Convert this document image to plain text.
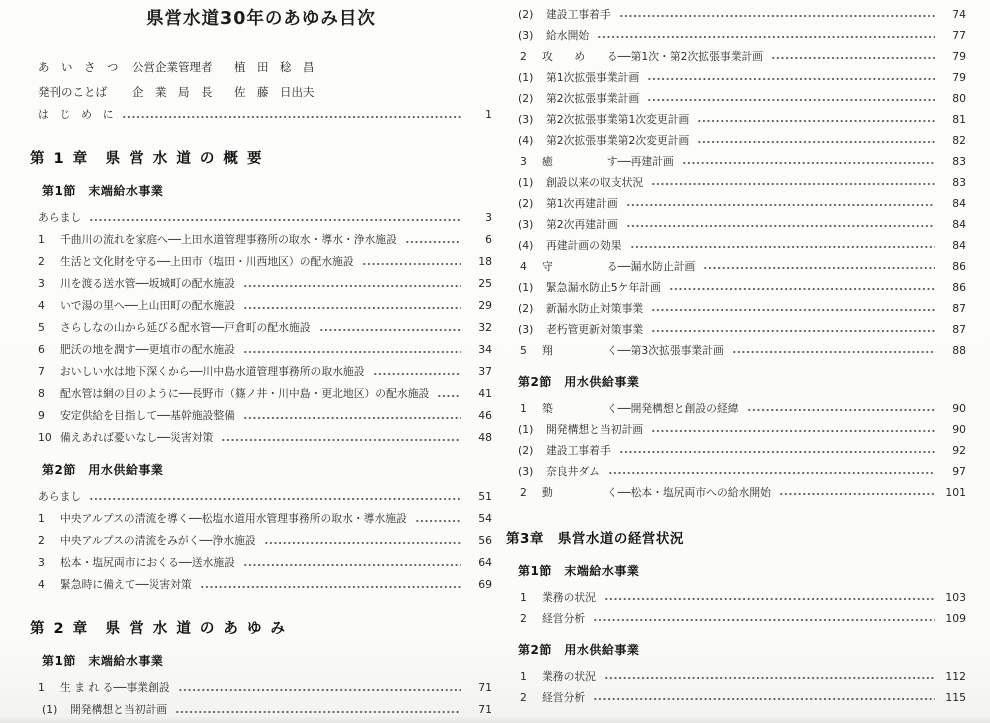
県営水道30年のあゆみ目次
あ　い　さ　つ	公営企業管理者	植　田　稔　昌
発刊のことば	企　業　局　長	佐　藤　日出夫
は　じ　め　に	1
第 1 章　県 営 水 道 の 概 要
第1節　末端給水事業
あらまし	3
1	千曲川の流れを家庭へ──上田水道管理事務所の取水・導水・浄水施設	6
2	生活と文化財を守る──上田市（塩田・川西地区）の配水施設	18
3	川を渡る送水管──坂城町の配水施設	25
4	いで湯の里へ──上山田町の配水施設	29
5	さらしなの山から延びる配水管──戸倉町の配水施設	32
6	肥沃の地を潤す──更埴市の配水施設	34
7	おいしい水は地下深くから──川中島水道管理事務所の取水施設	37
8	配水管は網の目のように──長野市（篠ノ井・川中島・更北地区）の配水施設	41
9	安定供給を目指して──基幹施設整備	46
10 備えあれば憂いなし──災害対策	48
第2節　用水供給事業
あらまし	51
1	中央アルプスの清流を導く──松塩水道用水管理事務所の取水・導水施設	54
2	中央アルプスの清流をみがく──浄水施設	56
3	松本・塩尻両市におくる──送水施設	64
4	緊急時に備えて──災害対策	69
第 2 章　県 営 水 道 の あ ゆ み
第1節　末端給水事業
1	生 ま れ る──事業創設	71
(1)	開発構想と当初計画	71
(2)	建設工事着手	74
(3)	給水開始	77
2	攻　　め　　る──第1次・第2次拡張事業計画	79
(1)	第1次拡張事業計画	79
(2)	第2次拡張事業計画	80
(3)	第2次拡張事業第1次変更計画	81
(4)	第2次拡張事業第2次変更計画	82
3	癒　　　　　す──再建計画	83
(1)	創設以来の収支状況	83
(2)	第1次再建計画	84
(3)	第2次再建計画	84
(4)	再建計画の効果	84
4	守　　　　　る──漏水防止計画	86
(1)	緊急漏水防止5ケ年計画	86
(2)	新漏水防止対策事業	87
(3)	老朽管更新対策事業	87
5	翔　　　　　く──第3次拡張事業計画	88
第2節　用水供給事業
1	築　　　　　く──開発構想と創設の経緯	90
(1)	開発構想と当初計画	90
(2)	建設工事着手	92
(3)	奈良井ダム	97
2	動　　　　　く──松本・塩尻両市への給水開始	101
第3章　県営水道の経営状況
第1節　末端給水事業
1	業務の状況	103
2	経営分析	109
第2節　用水供給事業
1	業務の状況	112
2	経営分析	115
